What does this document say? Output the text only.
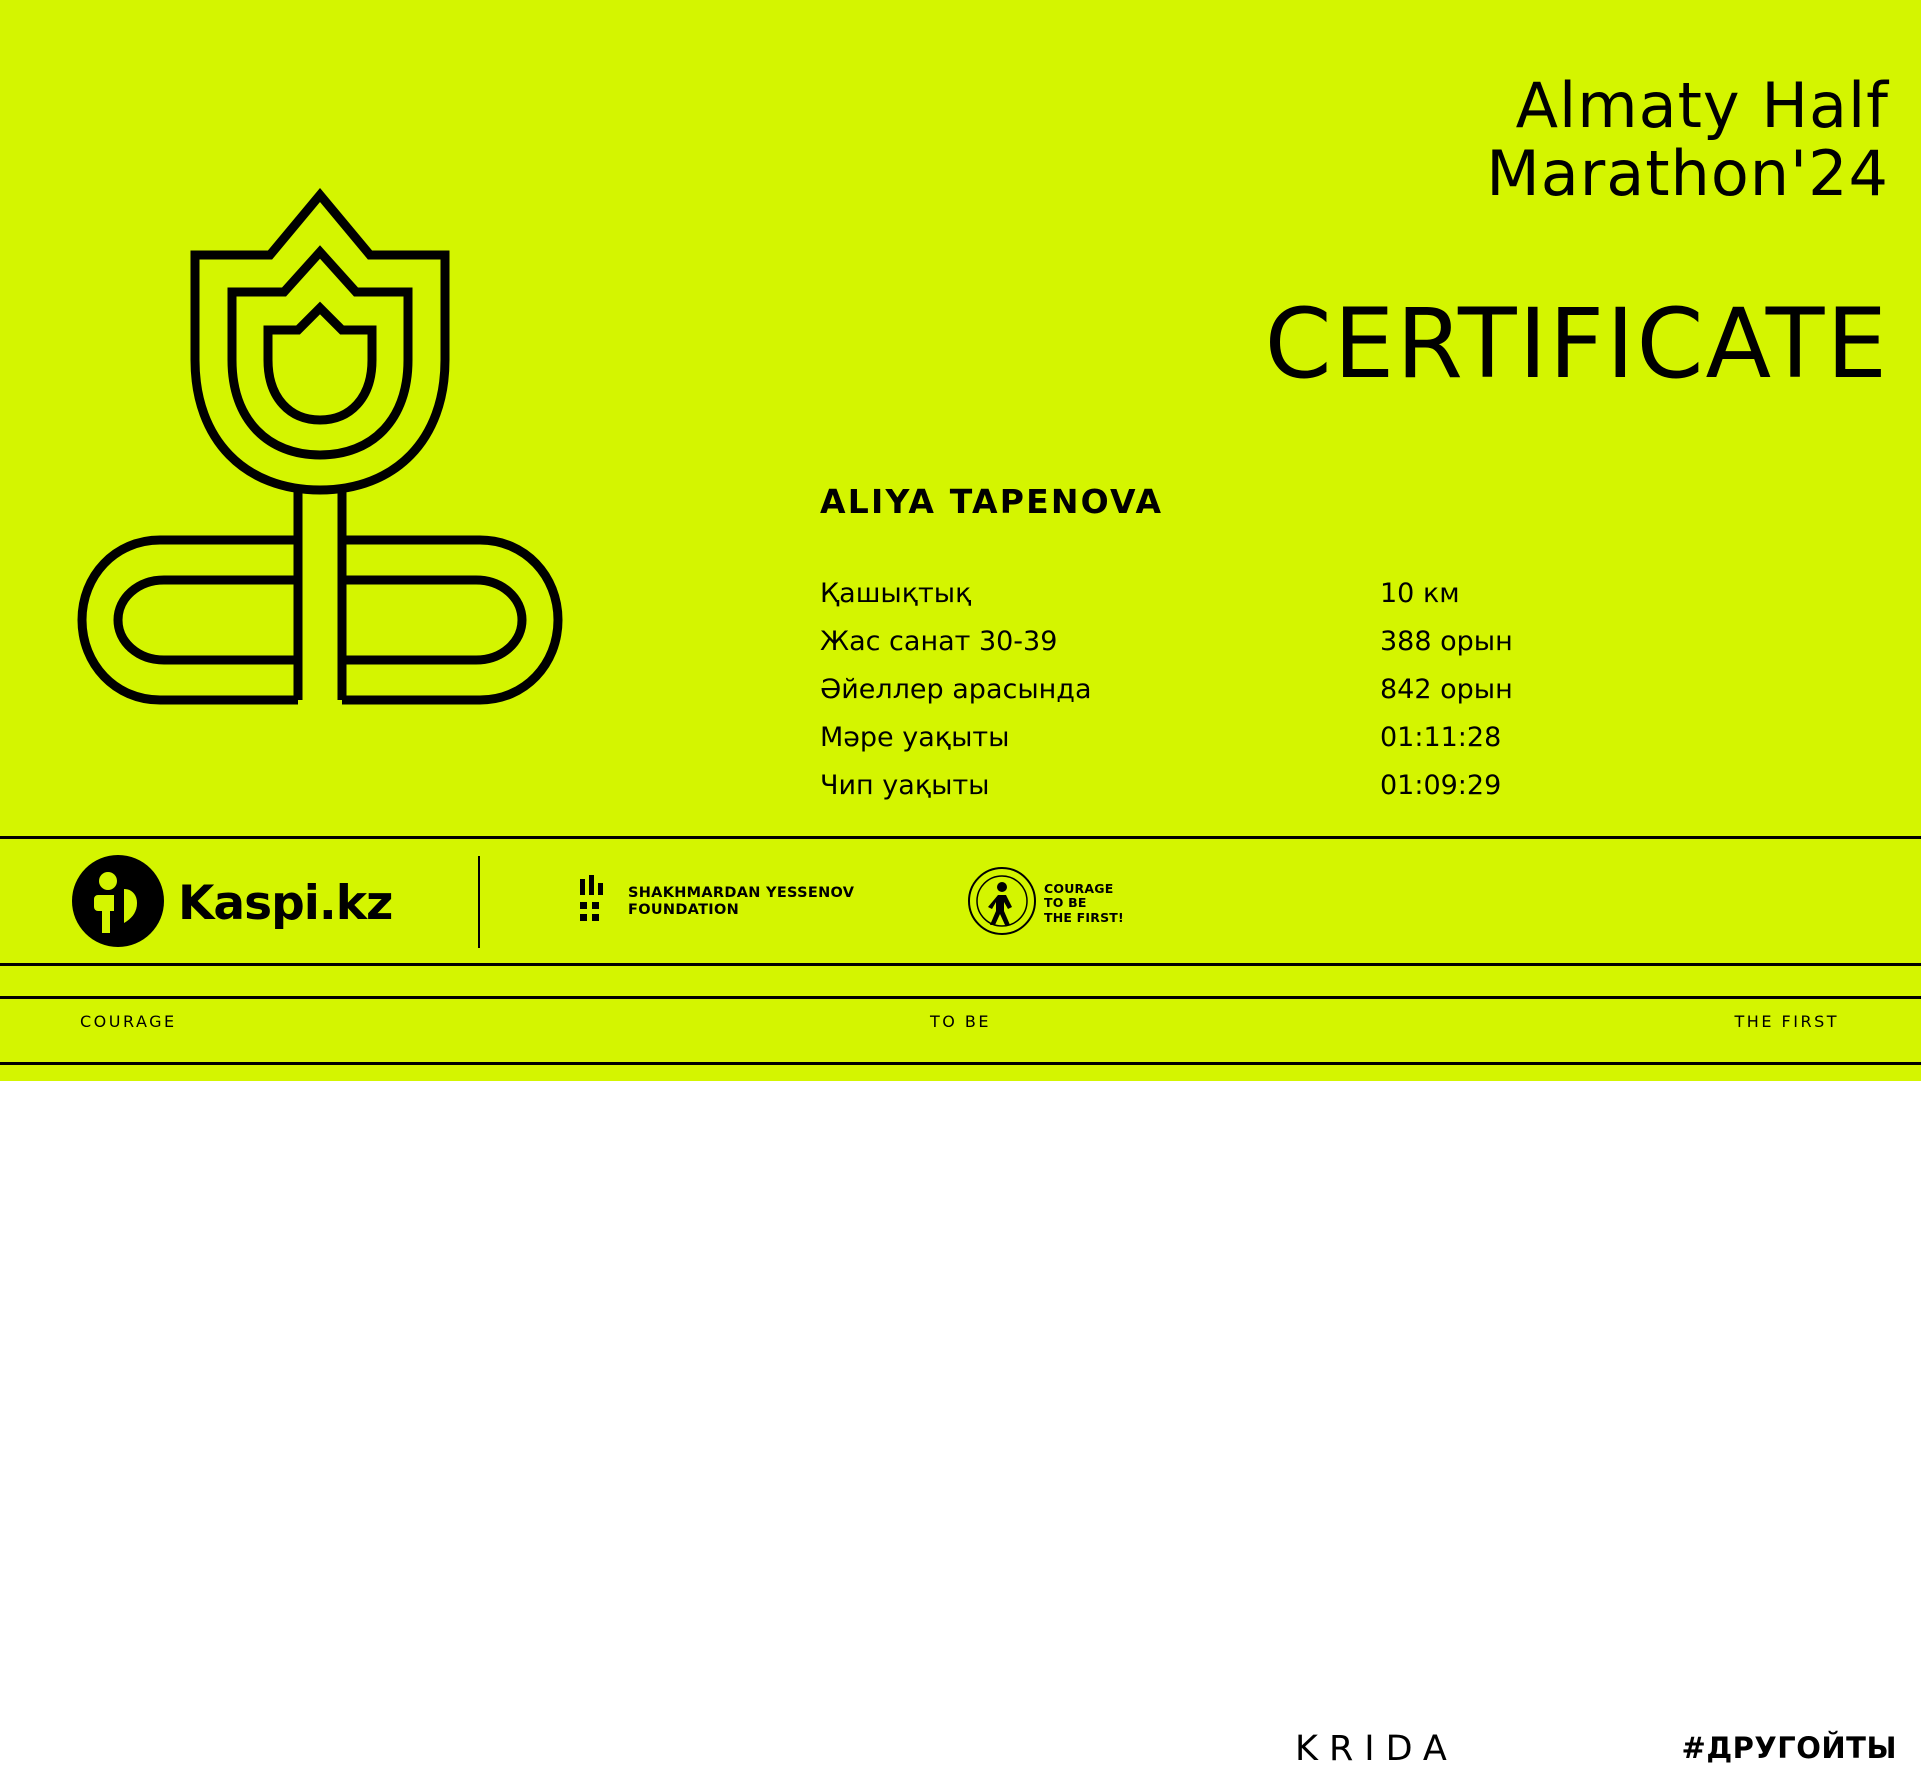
Almaty Half
Marathon'24
CERTIFICATE
ALIYA TAPENOVA
Қашықтық	10 км
Жас санат 30-39	388 орын
Әйеллер арасында	842 орын
Мәре уақыты	01:11:28
Чип уақыты	01:09:29
Kaspi.kz	SHAKHMARDAN YESSENOV
FOUNDATION
COURAGE
TO BE
THE FIRST!
KRIDA	#ДРУГОЙТЫ
COURAGE	TO BE	THE FIRST
